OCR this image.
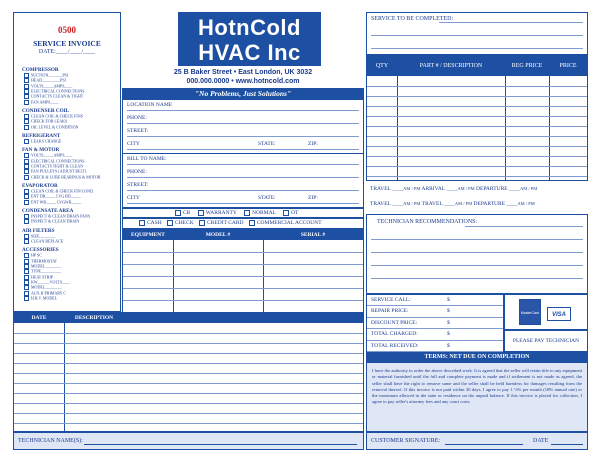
0500
SERVICE INVOICE
DATE:____/____/____
COMPRESSOR
SUCTION_______PSI
HEAD_________PSI
VOLTS_____AMPS____
ELECTRICAL CONNECTIONS
CONTACTS CLEAN & TIGHT
FAN AMPS____
CONDENSER COIL
CLEAN COIL & CHECK FINS
CHECK FOR LEAKS
OIL LEVEL & CONDITION
REFRIGERANT
LEAKS CHARGE
FAN & MOTOR
VOLTS_____AMPS____
ELECTRICAL CONNECTIONS
CONTACTS TIGHT & CLEAN
FAN PULLEYS (ADJUST BELT)
CHECK & LUBE BEARINGS & MOTOR
EVAPORATOR
CLEAN COIL & CHECK FIN COND.
ENT DB_____ LVG BD_____
ENT WB_____ LVGWB_____
CONDENSATE AREA
INSPECT & CLEAN DRAIN PANS
INSPECT & CLEAN DRAIN
AIR FILTERS
SIZE________
CLEAN REPLACE
ACCESSORIES
HP SC
THERMOSTAT
MODEL________
TYPE__________
HEAT STRIP
KW______VOLTS____
MODEL________
AUX H PRIMARY C
H.R.V. MODEL
HotnCold
HVAC Inc
25 B Baker Street • East London, UK 3032
000.000.0000 • www.hotncold.com
"No Problems, Just Solutions"
LOCATION NAME
PHONE:
STREET:
CITY	STATE:	ZIP:
BILL TO NAME:
PHONE:
STREET:
CITY	STATE:	ZIP:
CB	WARRANTY	NORMAL	OT
CASH CHECK CREDIT CARD COMMERCIAL ACCOUNT
EQUIPMENT	MODEL #	SERIAL #
DATE	DESCRIPTION
TECHNICIAN NAME(S):
SERVICE TO BE COMPLETED:
QTY	PART # / DESCRIPTION	REG PRICE	PRICE
TRAVEL ____AM / PM ARRIVAL ____AM / PM DEPARTURE ____AM / PM
TRAVEL ____AM / PM TRAVEL ____AM / PM DEPARTURE ____AM / PM
TECHNICIAN RECOMMENDATIONS:
SERVICE CALL:	$
REPAIR PRICE:	$
DISCOUNT PRICE:	$
TOTAL CHARGED:	$
TOTAL RECEIVED:	$
MasterCard	VISA
PLEASE PAY TECHNICIAN
TERMS: NET DUE ON COMPLETION
I have the authority to order the above described work. It is agreed that the seller will retain title to any equipment or material furnished until the full and complete payment is made and if settlement is not made as agreed, the seller shall have the right to remove same and the seller shall be held harmless for damages resulting from the removal thereof. If this invoice is not paid within 30 days, I agree to pay 1 ½% per month (18% annual rate) or the maximum allowed in the state or residence on the unpaid balance. If this invoice is placed for collection, I agree to pay seller's attorney fees and any court costs.
CUSTOMER SIGNATURE:	DATE
